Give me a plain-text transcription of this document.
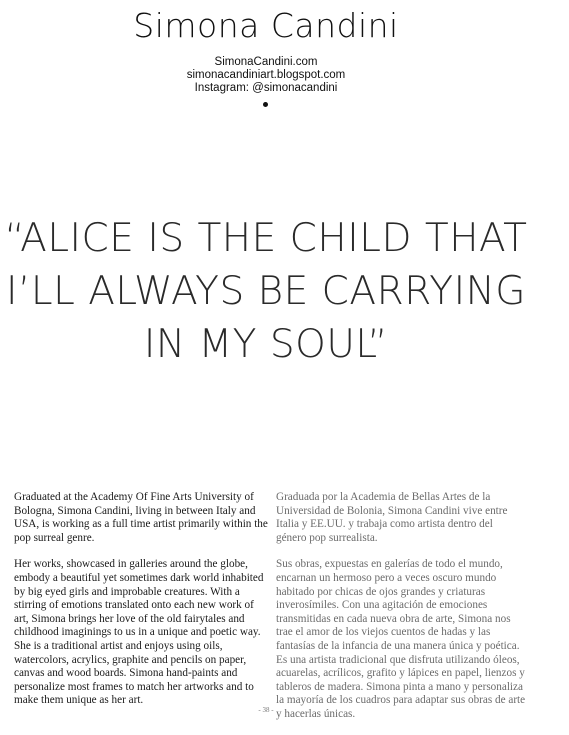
Simona Candini
SimonaCandini.com
simonacandiniart.blogspot.com
Instagram: @simonacandini
“ALICE IS THE CHILD THAT
I’LL ALWAYS BE CARRYING
IN MY SOUL”

Graduated at the Academy Of Fine Arts University of Bologna, Simona Candini, living in between Italy and USA, is working as a full time artist primarily within the pop surreal genre.

Her works, showcased in galleries around the globe, embody a beautiful yet sometimes dark world inhabited by big eyed girls and improbable creatures. With a stirring of emotions translated onto each new work of art, Simona brings her love of the old fairytales and childhood imaginings to us in a unique and poetic way. She is a traditional artist and enjoys using oils, watercolors, acrylics, graphite and pencils on paper, canvas and wood boards. Simona hand-paints and personalize most frames to match her artworks and to make them unique as her art.

Graduada por la Academia de Bellas Artes de la Universidad de Bolonia, Simona Candini vive entre Italia y EE.UU. y trabaja como artista dentro del género pop surrealista.

Sus obras, expuestas en galerías de todo el mundo, encarnan un hermoso pero a veces oscuro mundo habitado por chicas de ojos grandes y criaturas inverosímiles. Con una agitación de emociones transmitidas en cada nueva obra de arte, Simona nos trae el amor de los viejos cuentos de hadas y las fantasías de la infancia de una manera única y poética. Es una artista tradicional que disfruta utilizando óleos, acuarelas, acrílicos, grafito y lápices en papel, lienzos y tableros de madera. Simona pinta a mano y personaliza la mayoría de los cuadros para adaptar sus obras de arte y hacerlas únicas.

- 38 -
